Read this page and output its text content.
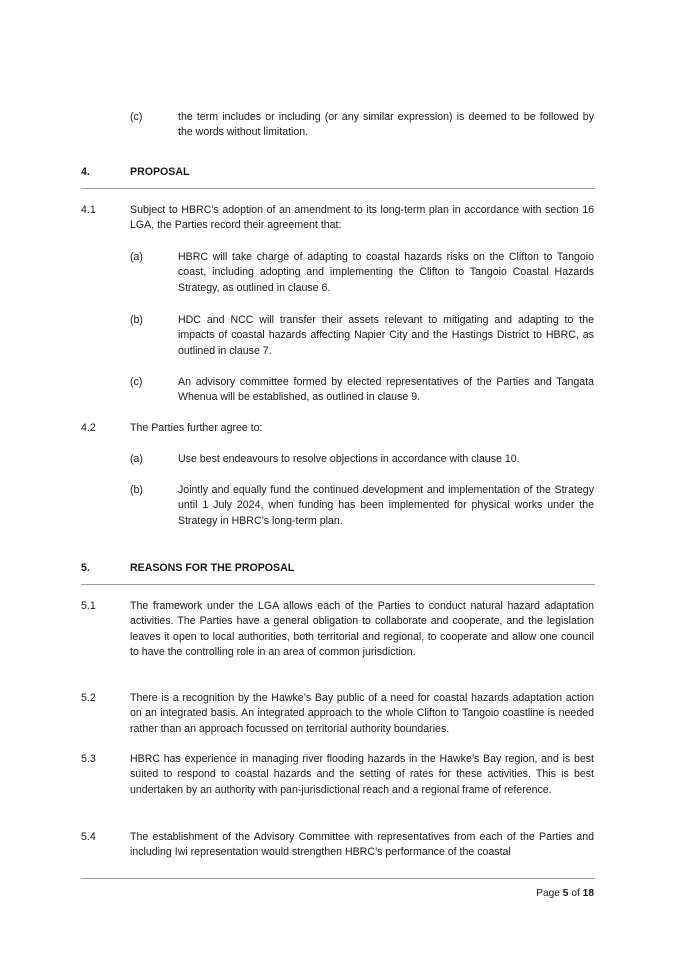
(c)	the term includes or including (or any similar expression) is deemed to be followed by the words without limitation.
4.	PROPOSAL
4.1	Subject to HBRC’s adoption of an amendment to its long-term plan in accordance with section 16 LGA, the Parties record their agreement that:
(a)	HBRC will take charge of adapting to coastal hazards risks on the Clifton to Tangoio coast, including adopting and implementing the Clifton to Tangoio Coastal Hazards Strategy, as outlined in clause 6.
(b)	HDC and NCC will transfer their assets relevant to mitigating and adapting to the impacts of coastal hazards affecting Napier City and the Hastings District to HBRC, as outlined in clause 7.
(c)	An advisory committee formed by elected representatives of the Parties and Tangata Whenua will be established, as outlined in clause 9.
4.2	The Parties further agree to:
(a)	Use best endeavours to resolve objections in accordance with clause 10.
(b)	Jointly and equally fund the continued development and implementation of the Strategy until 1 July 2024, when funding has been implemented for physical works under the Strategy in HBRC’s long-term plan.
5.	REASONS FOR THE PROPOSAL
5.1	The framework under the LGA allows each of the Parties to conduct natural hazard adaptation activities. The Parties have a general obligation to collaborate and cooperate, and the legislation leaves it open to local authorities, both territorial and regional, to cooperate and allow one council to have the controlling role in an area of common jurisdiction.
5.2	There is a recognition by the Hawke’s Bay public of a need for coastal hazards adaptation action on an integrated basis. An integrated approach to the whole Clifton to Tangoio coastline is needed rather than an approach focussed on territorial authority boundaries.
5.3	HBRC has experience in managing river flooding hazards in the Hawke’s Bay region, and is best suited to respond to coastal hazards and the setting of rates for these activities. This is best undertaken by an authority with pan-jurisdictional reach and a regional frame of reference.
5.4	The establishment of the Advisory Committee with representatives from each of the Parties and including Iwi representation would strengthen HBRC’s performance of the coastal
Page 5 of 18
